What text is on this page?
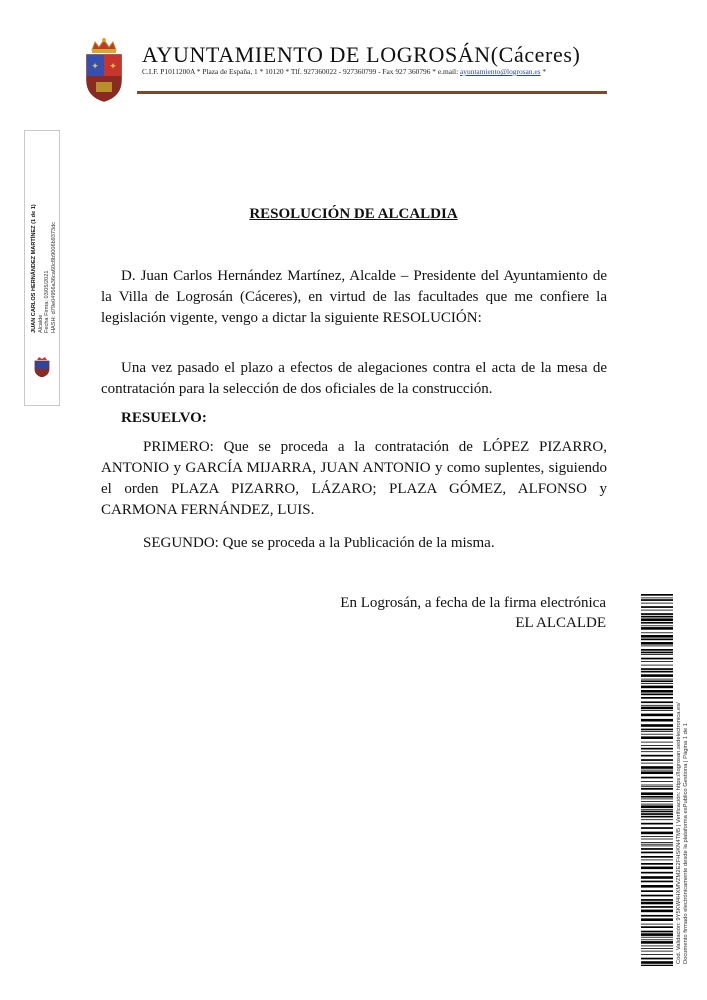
✦ ✦ AYUNTAMIENTO DE LOGROSÁN(Cáceres)
C.I.F. P1011200A * Plaza de España, 1 * 10120 * Tlf. 927360022 - 927360799 - Fax 927 360796 * e.mail: ayuntamiento@logrosan.es *
JUAN CARLOS HERNÁNDEZ MARTÍNEZ (1 de 1) Alcalde Fecha Firma: 03/05/2021 HASH: d79e04956a36ca60c8b9006b9373dc
RESOLUCIÓN DE ALCALDIA
D. Juan Carlos Hernández Martínez, Alcalde – Presidente del Ayuntamiento de la Villa de Logrosán (Cáceres), en virtud de las facultades que me confiere la legislación vigente, vengo a dictar la siguiente RESOLUCIÓN:
Una vez pasado el plazo a efectos de alegaciones contra el acta de la mesa de contratación para la selección de dos oficiales de la construcción.
RESUELVO:
PRIMERO: Que se proceda a la contratación de LÓPEZ PIZARRO, ANTONIO y GARCÍA MIJARRA, JUAN ANTONIO y como suplentes, siguiendo el orden PLAZA PIZARRO, LÁZARO; PLAZA GÓMEZ, ALFONSO y CARMONA FERNÁNDEZ, LUIS.
SEGUNDO: Que se proceda a la Publicación de la misma.
En Logrosán, a fecha de la firma electrónica
EL ALCALDE
Cód. Validación: 9Y5KW4HXMVZM2E2FHSKN4TM5 | Verificación: https://logrosan.sedelectronica.es/ Documento firmado electrónicamente desde la plataforma esPublico Gestiona | Página 1 de 1
